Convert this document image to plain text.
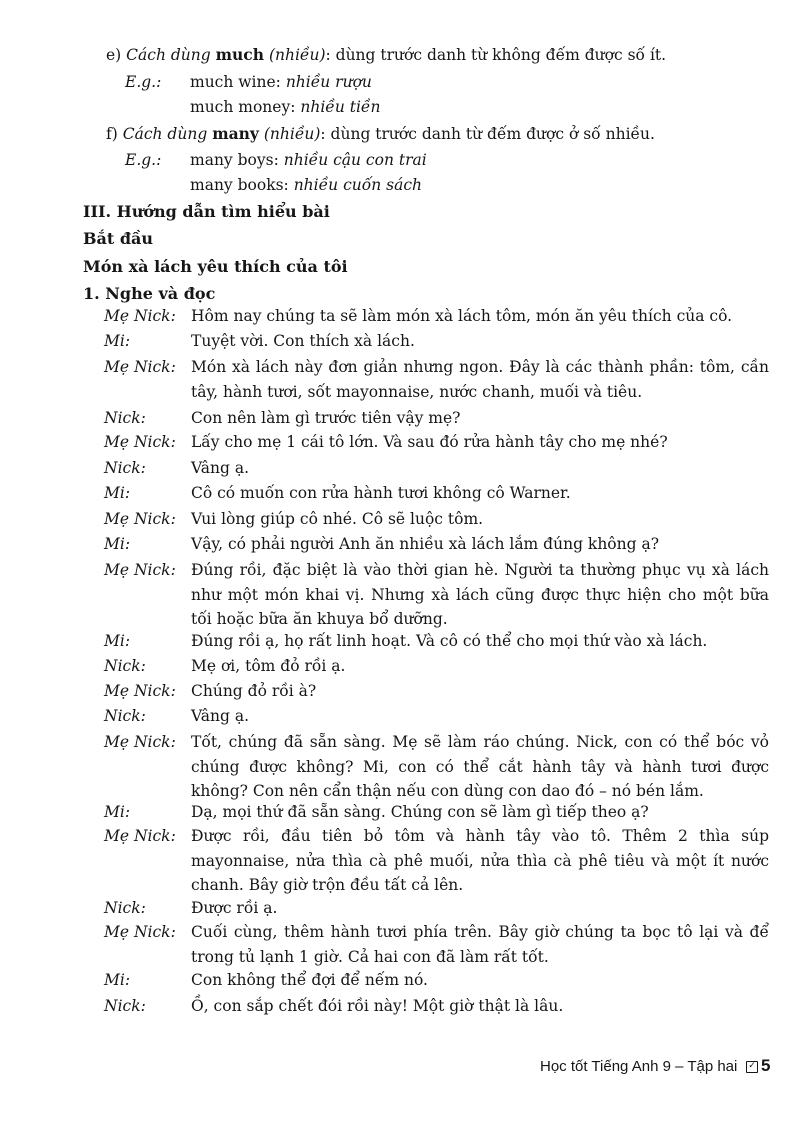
e) Cách dùng much (nhiều): dùng trước danh từ không đếm được số ít.
E.g.: much wine: nhiều rượu
much money: nhiều tiền
f) Cách dùng many (nhiều): dùng trước danh từ đếm được ở số nhiều.
E.g.: many boys: nhiều cậu con trai
many books: nhiều cuốn sách
III. Hướng dẫn tìm hiểu bài
Bắt đầu
Món xà lách yêu thích của tôi
1. Nghe và đọc
Mẹ Nick: Hôm nay chúng ta sẽ làm món xà lách tôm, món ăn yêu thích của cô.
Mi:	Tuyệt vời. Con thích xà lách.
Mẹ Nick: Món xà lách này đơn giản nhưng ngon. Đây là các thành phần: tôm, cần tây, hành tươi, sốt mayonnaise, nước chanh, muối và tiêu.
Nick:	Con nên làm gì trước tiên vậy mẹ?
Mẹ Nick: Lấy cho mẹ 1 cái tô lớn. Và sau đó rửa hành tây cho mẹ nhé?
Nick:	Vâng ạ.
Mi:	Cô có muốn con rửa hành tươi không cô Warner.
Mẹ Nick: Vui lòng giúp cô nhé. Cô sẽ luộc tôm.
Mi:	Vậy, có phải người Anh ăn nhiều xà lách lắm đúng không ạ?
Mẹ Nick: Đúng rồi, đặc biệt là vào thời gian hè. Người ta thường phục vụ xà lách như một món khai vị. Nhưng xà lách cũng được thực hiện cho một bữa tối hoặc bữa ăn khuya bổ dưỡng.
Mi:	Đúng rồi ạ, họ rất linh hoạt. Và cô có thể cho mọi thứ vào xà lách.
Nick:	Mẹ ơi, tôm đỏ rồi ạ.
Mẹ Nick: Chúng đỏ rồi à?
Nick:	Vâng ạ.
Mẹ Nick: Tốt, chúng đã sẵn sàng. Mẹ sẽ làm ráo chúng. Nick, con có thể bóc vỏ chúng được không? Mi, con có thể cắt hành tây và hành tươi được không? Con nên cẩn thận nếu con dùng con dao đó – nó bén lắm.
Mi:	Dạ, mọi thứ đã sẵn sàng. Chúng con sẽ làm gì tiếp theo ạ?
Mẹ Nick: Được rồi, đầu tiên bỏ tôm và hành tây vào tô. Thêm 2 thìa súp mayonnaise, nửa thìa cà phê muối, nửa thìa cà phê tiêu và một ít nước chanh. Bây giờ trộn đều tất cả lên.
Nick:	Được rồi ạ.
Mẹ Nick: Cuối cùng, thêm hành tươi phía trên. Bây giờ chúng ta bọc tô lại và để trong tủ lạnh 1 giờ. Cả hai con đã làm rất tốt.
Mi:	Con không thể đợi để nếm nó.
Nick:	Ồ, con sắp chết đói rồi này! Một giờ thật là lâu.
Học tốt Tiếng Anh 9 – Tập hai ✓ 5
